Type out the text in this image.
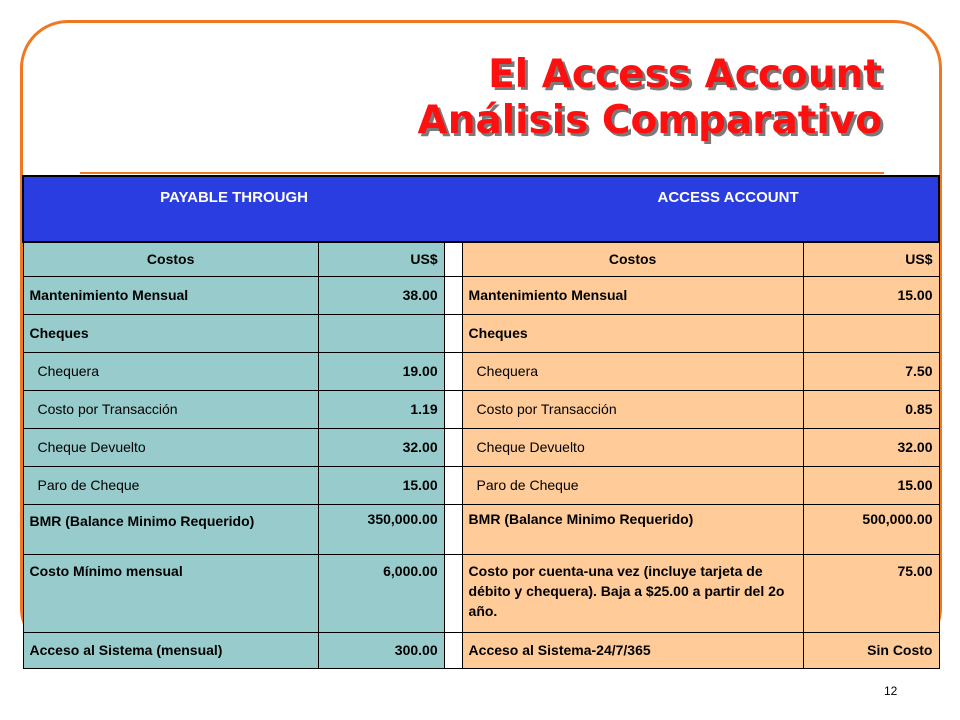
El Access Account
Análisis Comparativo
PAYABLE THROUGH		ACCESS ACCOUNT		
Costos	US$		Costos	US$
Mantenimiento Mensual	38.00		Mantenimiento Mensual	15.00
Cheques			Cheques	
Chequera	19.00		Chequera	7.50
Costo por Transacción	1.19		Costo por Transacción	0.85
Cheque Devuelto	32.00		Cheque Devuelto	32.00
Paro de Cheque	15.00		Paro de Cheque	15.00
BMR (Balance Minimo Requerido)	350,000.00		BMR (Balance Minimo Requerido)	500,000.00
Costo Mínimo mensual	6,000.00		Costo por cuenta-una vez (incluye tarjeta de débito y chequera). Baja a $25.00 a partir del 2o año.	75.00
Acceso al Sistema (mensual)	300.00		Acceso al Sistema-24/7/365	Sin Costo
12
